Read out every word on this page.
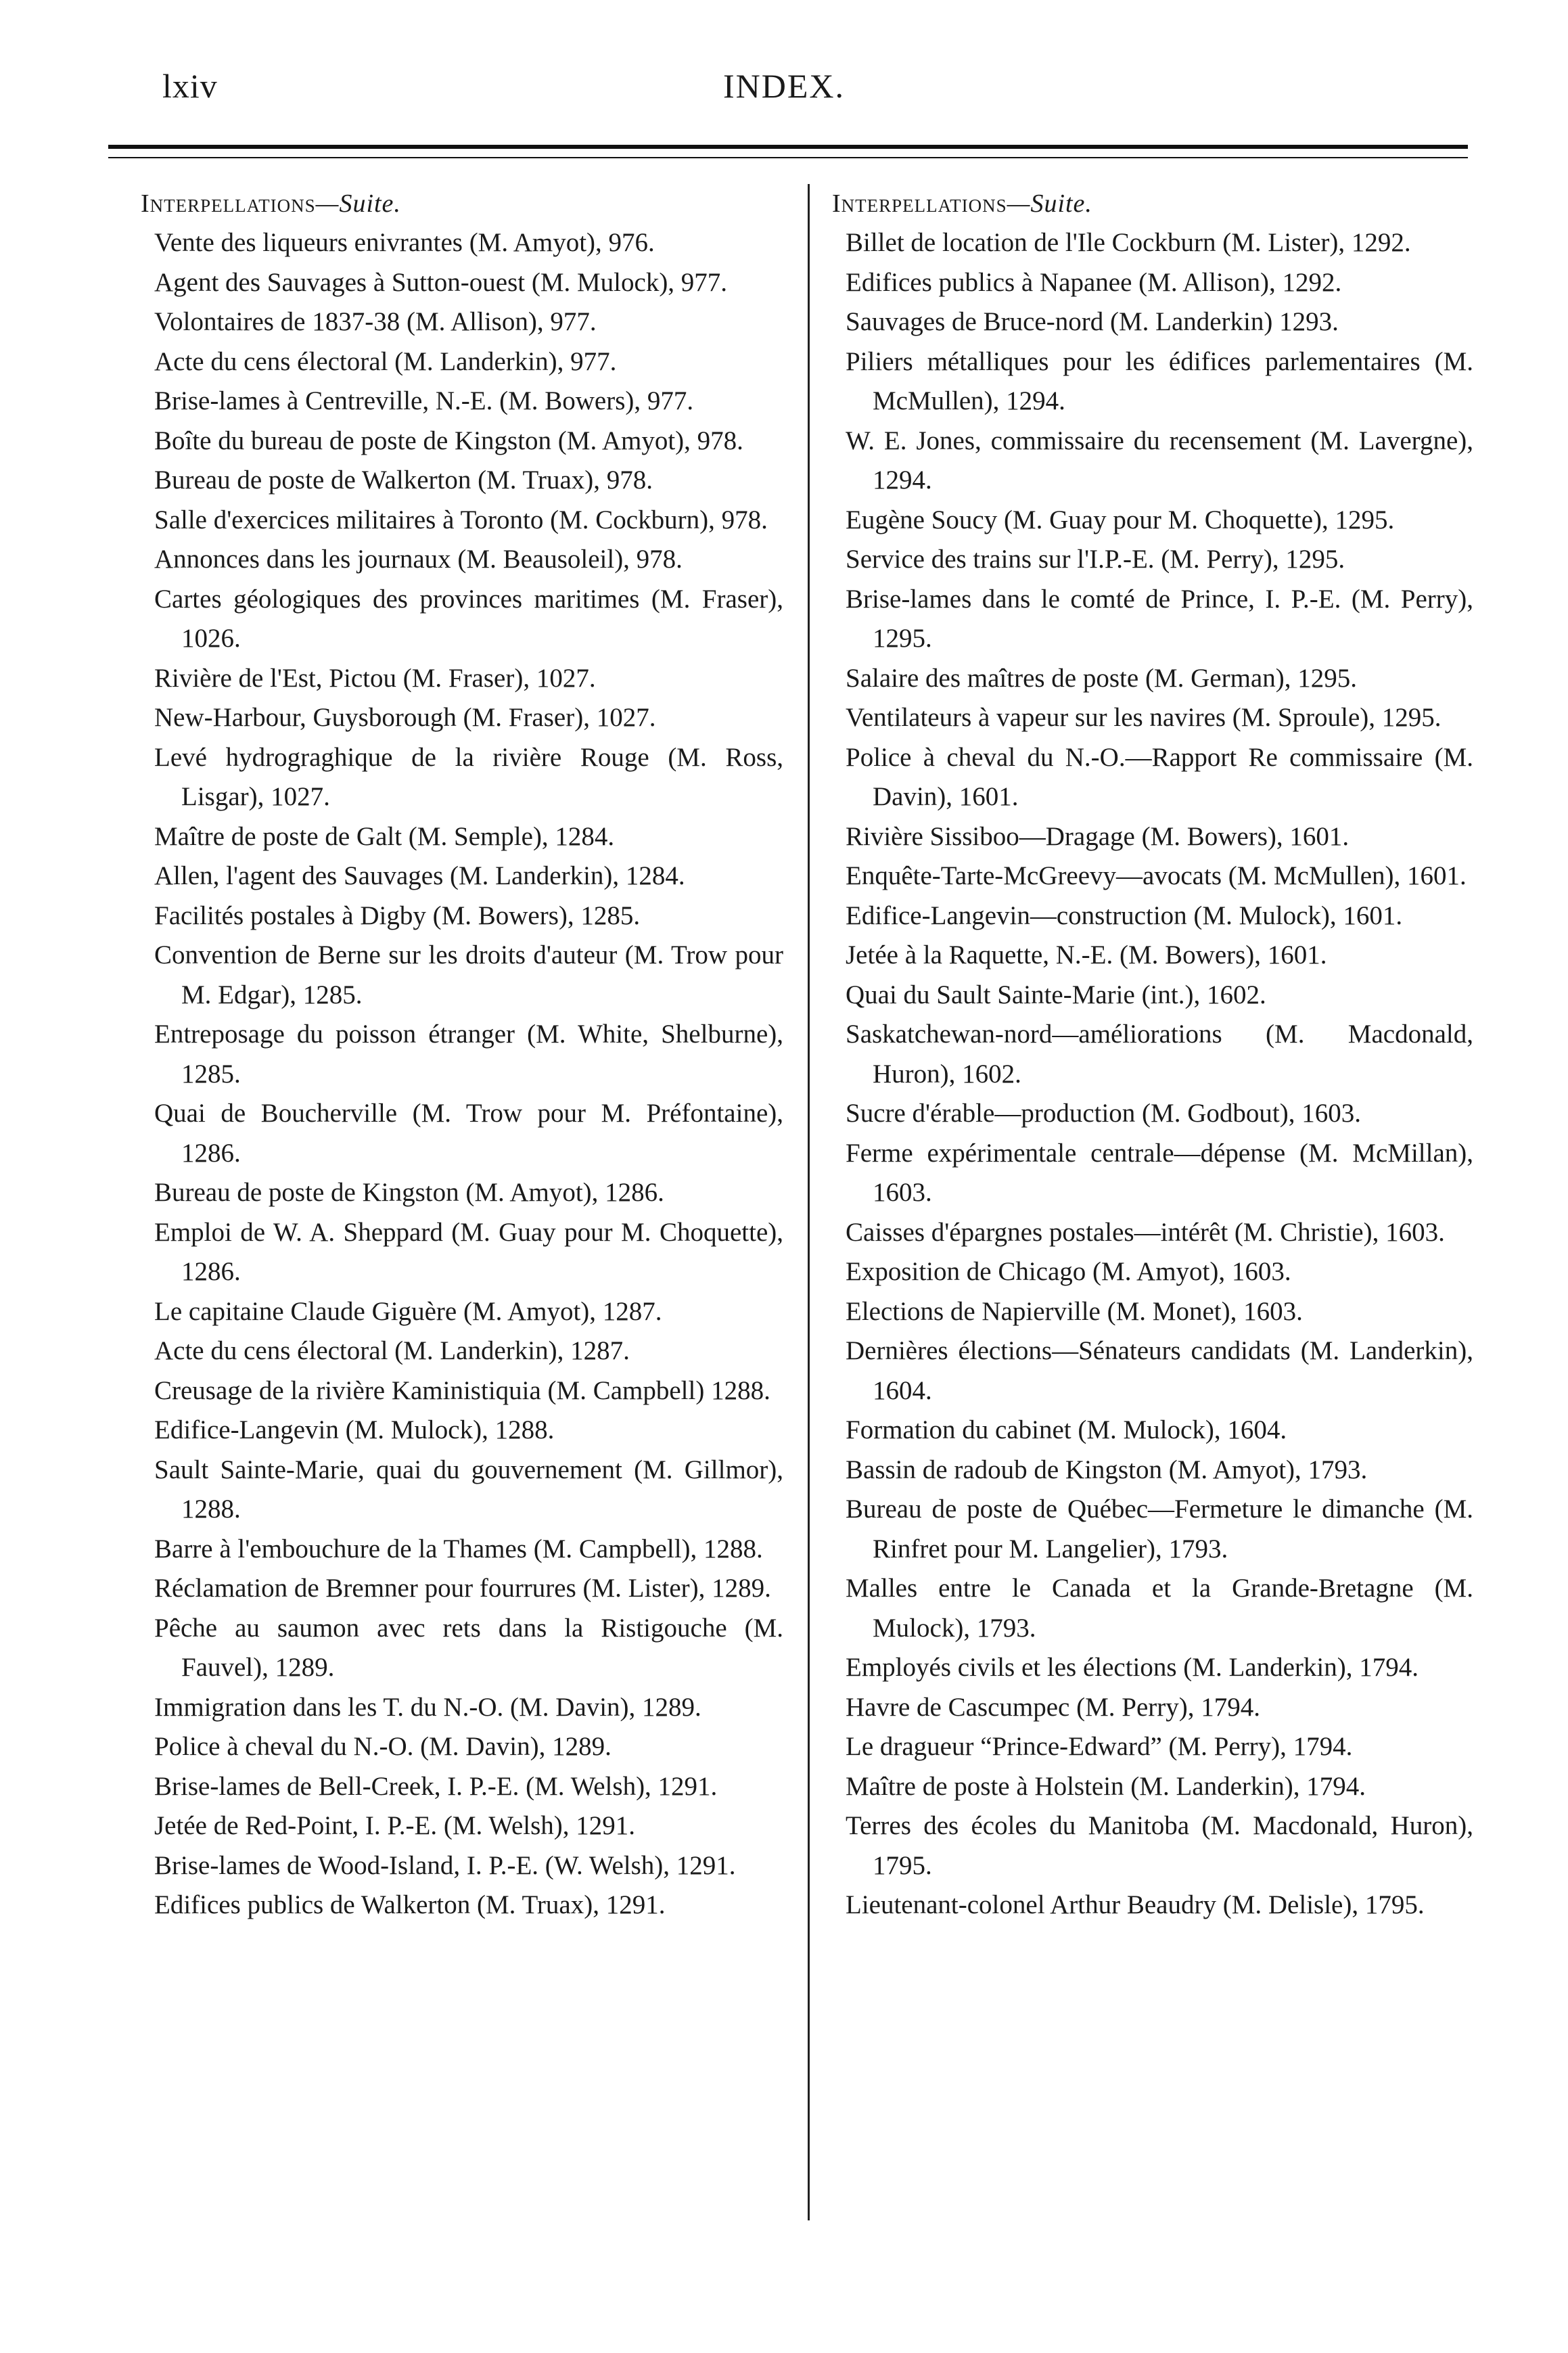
lxiv	INDEX.
Interpellations—Suite.

Vente des liqueurs enivrantes (M. Amyot), 976.

Agent des Sauvages à Sutton-ouest (M. Mulock), 977.

Volontaires de 1837-38 (M. Allison), 977.

Acte du cens électoral (M. Landerkin), 977.

Brise-lames à Centreville, N.-E. (M. Bowers), 977.

Boîte du bureau de poste de Kingston (M. Amyot), 978.

Bureau de poste de Walkerton (M. Truax), 978.

Salle d'exercices militaires à Toronto (M. Cockburn), 978.

Annonces dans les journaux (M. Beausoleil), 978.

Cartes géologiques des provinces maritimes (M. Fraser), 1026.

Rivière de l'Est, Pictou (M. Fraser), 1027.

New-Harbour, Guysborough (M. Fraser), 1027.

Levé hydrograghique de la rivière Rouge (M. Ross, Lisgar), 1027.

Maître de poste de Galt (M. Semple), 1284.

Allen, l'agent des Sauvages (M. Landerkin), 1284.

Facilités postales à Digby (M. Bowers), 1285.

Convention de Berne sur les droits d'auteur (M. Trow pour M. Edgar), 1285.

Entreposage du poisson étranger (M. White, Shelburne), 1285.

Quai de Boucherville (M. Trow pour M. Préfontaine), 1286.

Bureau de poste de Kingston (M. Amyot), 1286.

Emploi de W. A. Sheppard (M. Guay pour M. Choquette), 1286.

Le capitaine Claude Giguère (M. Amyot), 1287.

Acte du cens électoral (M. Landerkin), 1287.

Creusage de la rivière Kaministiquia (M. Campbell) 1288.

Edifice-Langevin (M. Mulock), 1288.

Sault Sainte-Marie, quai du gouvernement (M. Gillmor), 1288.

Barre à l'embouchure de la Thames (M. Campbell), 1288.

Réclamation de Bremner pour fourrures (M. Lister), 1289.

Pêche au saumon avec rets dans la Ristigouche (M. Fauvel), 1289.

Immigration dans les T. du N.-O. (M. Davin), 1289.

Police à cheval du N.-O. (M. Davin), 1289.

Brise-lames de Bell-Creek, I. P.-E. (M. Welsh), 1291.

Jetée de Red-Point, I. P.-E. (M. Welsh), 1291.

Brise-lames de Wood-Island, I. P.-E. (W. Welsh), 1291.

Edifices publics de Walkerton (M. Truax), 1291.

Interpellations—Suite.

Billet de location de l'Ile Cockburn (M. Lister), 1292.

Edifices publics à Napanee (M. Allison), 1292.

Sauvages de Bruce-nord (M. Landerkin) 1293.

Piliers métalliques pour les édifices parlementaires (M. McMullen), 1294.

W. E. Jones, commissaire du recensement (M. Lavergne), 1294.

Eugène Soucy (M. Guay pour M. Choquette), 1295.

Service des trains sur l'I.P.-E. (M. Perry), 1295.

Brise-lames dans le comté de Prince, I. P.-E. (M. Perry), 1295.

Salaire des maîtres de poste (M. German), 1295.

Ventilateurs à vapeur sur les navires (M. Sproule), 1295.

Police à cheval du N.-O.—Rapport Re commissaire (M. Davin), 1601.

Rivière Sissiboo—Dragage (M. Bowers), 1601.

Enquête-Tarte-McGreevy—avocats (M. McMullen), 1601.

Edifice-Langevin—construction (M. Mulock), 1601.

Jetée à la Raquette, N.-E. (M. Bowers), 1601.

Quai du Sault Sainte-Marie (int.), 1602.

Saskatchewan-nord—améliorations (M. Macdonald, Huron), 1602.

Sucre d'érable—production (M. Godbout), 1603.

Ferme expérimentale centrale—dépense (M. McMillan), 1603.

Caisses d'épargnes postales—intérêt (M. Christie), 1603.

Exposition de Chicago (M. Amyot), 1603.

Elections de Napierville (M. Monet), 1603.

Dernières élections—Sénateurs candidats (M. Landerkin), 1604.

Formation du cabinet (M. Mulock), 1604.

Bassin de radoub de Kingston (M. Amyot), 1793.

Bureau de poste de Québec—Fermeture le dimanche (M. Rinfret pour M. Langelier), 1793.

Malles entre le Canada et la Grande-Bretagne (M. Mulock), 1793.

Employés civils et les élections (M. Landerkin), 1794.

Havre de Cascumpec (M. Perry), 1794.

Le dragueur “Prince-Edward” (M. Perry), 1794.

Maître de poste à Holstein (M. Landerkin), 1794.

Terres des écoles du Manitoba (M. Macdonald, Huron), 1795.

Lieutenant-colonel Arthur Beaudry (M. Delisle), 1795.
